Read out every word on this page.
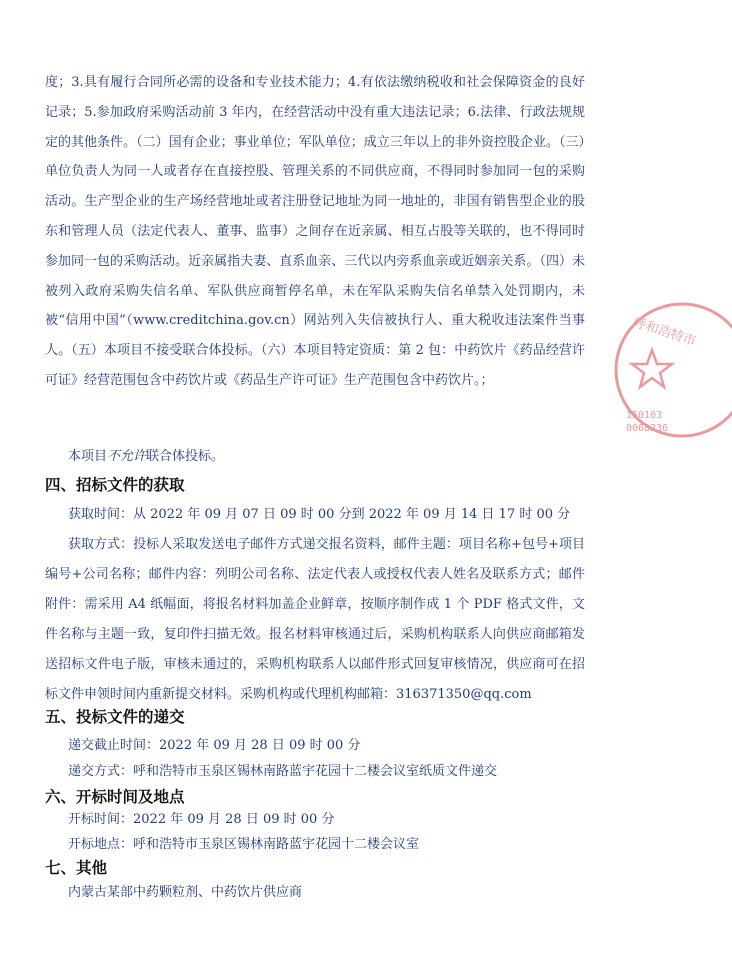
度；3.具有履行合同所必需的设备和专业技术能力；4.有依法缴纳税收和社会保障资金的良好记录；5.参加政府采购活动前 3 年内，在经营活动中没有重大违法记录；6.法律、行政法规规定的其他条件。（二）国有企业；事业单位；军队单位；成立三年以上的非外资控股企业。（三）单位负责人为同一人或者存在直接控股、管理关系的不同供应商，不得同时参加同一包的采购活动。生产型企业的生产场经营地址或者注册登记地址为同一地址的，非国有销售型企业的股东和管理人员（法定代表人、董事、监事）之间存在近亲属、相互占股等关联的，也不得同时参加同一包的采购活动。近亲属指夫妻、直系血亲、三代以内旁系血亲或近姻亲关系。（四）未被列入政府采购失信名单、军队供应商暂停名单，未在军队采购失信名单禁入处罚期内，未被“信用中国”（www.creditchina.gov.cn）网站列入失信被执行人、重大税收违法案件当事人。（五）本项目不接受联合体投标。（六）本项目特定资质：第 2 包：中药饮片《药品经营许可证》经营范围包含中药饮片或《药品生产许可证》生产范围包含中药饮片。；

本项目不允许联合体投标。

四、招标文件的获取

获取时间：从 2022 年 09 月 07 日 09 时 00 分到 2022 年 09 月 14 日 17 时 00 分

获取方式：投标人采取发送电子邮件方式递交报名资料，邮件主题：项目名称+包号+项目编号+公司名称；邮件内容：列明公司名称、法定代表人或授权代表人姓名及联系方式；邮件附件：需采用 A4 纸幅面，将报名材料加盖企业鲜章，按顺序制作成 1 个 PDF 格式文件，文件名称与主题一致，复印件扫描无效。报名材料审核通过后，采购机构联系人向供应商邮箱发送招标文件电子版，审核未通过的，采购机构联系人以邮件形式回复审核情况，供应商可在招标文件申领时间内重新提交材料。采购机构或代理机构邮箱：316371350@qq.com

五、投标文件的递交

递交截止时间：2022 年 09 月 28 日 09 时 00 分

递交方式：呼和浩特市玉泉区锡林南路蓝宇花园十二楼会议室纸质文件递交

六、开标时间及地点

开标时间：2022 年 09 月 28 日 09 时 00 分

开标地点：呼和浩特市玉泉区锡林南路蓝宇花园十二楼会议室

七、其他

内蒙古某部中药颗粒剂、中药饮片供应商

呼和浩特市
150103
0068236
